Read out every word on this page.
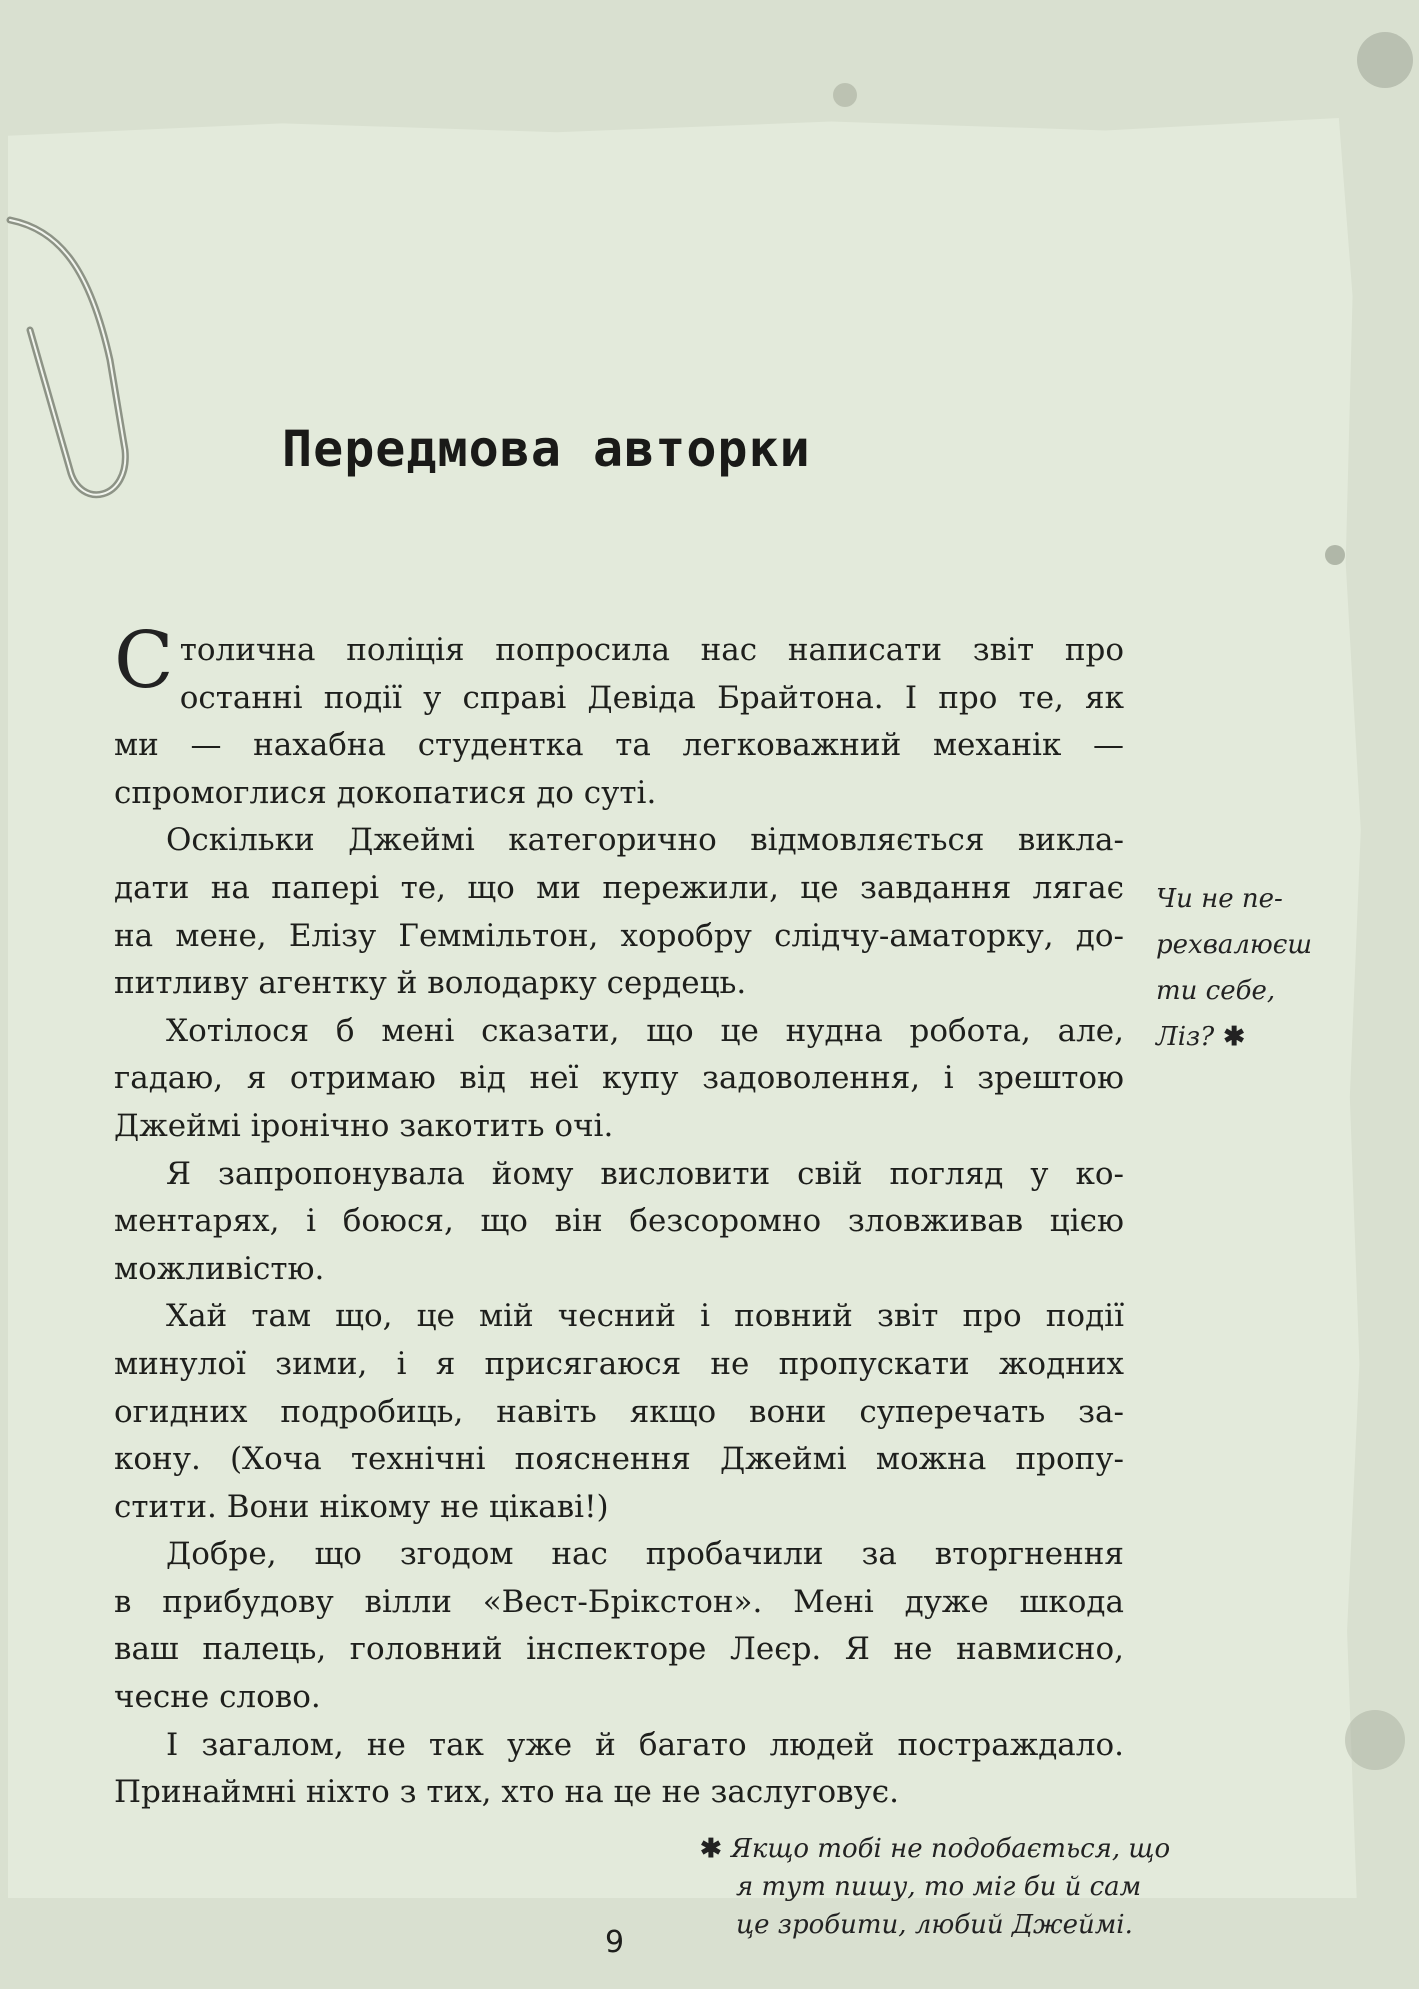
Передмова авторки
С толична поліція попросила нас написати звіт про
останні події у справі Девіда Брайтона. І про те, як
ми — нахабна студентка та легковажний механік —
спромоглися докопатися до суті.
Оскільки Джеймі категорично відмовляється викла-
дати на папері те, що ми пережили, це завдання лягає
на мене, Елізу Геммільтон, хоробру слідчу-аматорку, до-
питливу агентку й володарку сердець.
Хотілося б мені сказати, що це нудна робота, але,
гадаю, я отримаю від неї купу задоволення, і зрештою
Джеймі іронічно закотить очі.
Я запропонувала йому висловити свій погляд у ко-
ментарях, і боюся, що він безсоромно зловживав цією
можливістю.
Хай там що, це мій чесний і повний звіт про події
минулої зими, і я присягаюся не пропускати жодних
огидних подробиць, навіть якщо вони суперечать за-
кону. (Хоча технічні пояснення Джеймі можна пропу-
стити. Вони нікому не цікаві!)
Добре, що згодом нас пробачили за вторгнення
в прибудову вілли «Вест-Брікстон». Мені дуже шкода
ваш палець, головний інспекторе Леєр. Я не навмисно,
чесне слово.
І загалом, не так уже й багато людей постраждало.
Принаймні ніхто з тих, хто на це не заслуговує.
Чи не пе-
рехвалюєш
ти себе,
Ліз? ✱
✱ Якщо тобі не подобається, що
я тут пишу, то міг би й сам
це зробити, любий Джеймі.
9
